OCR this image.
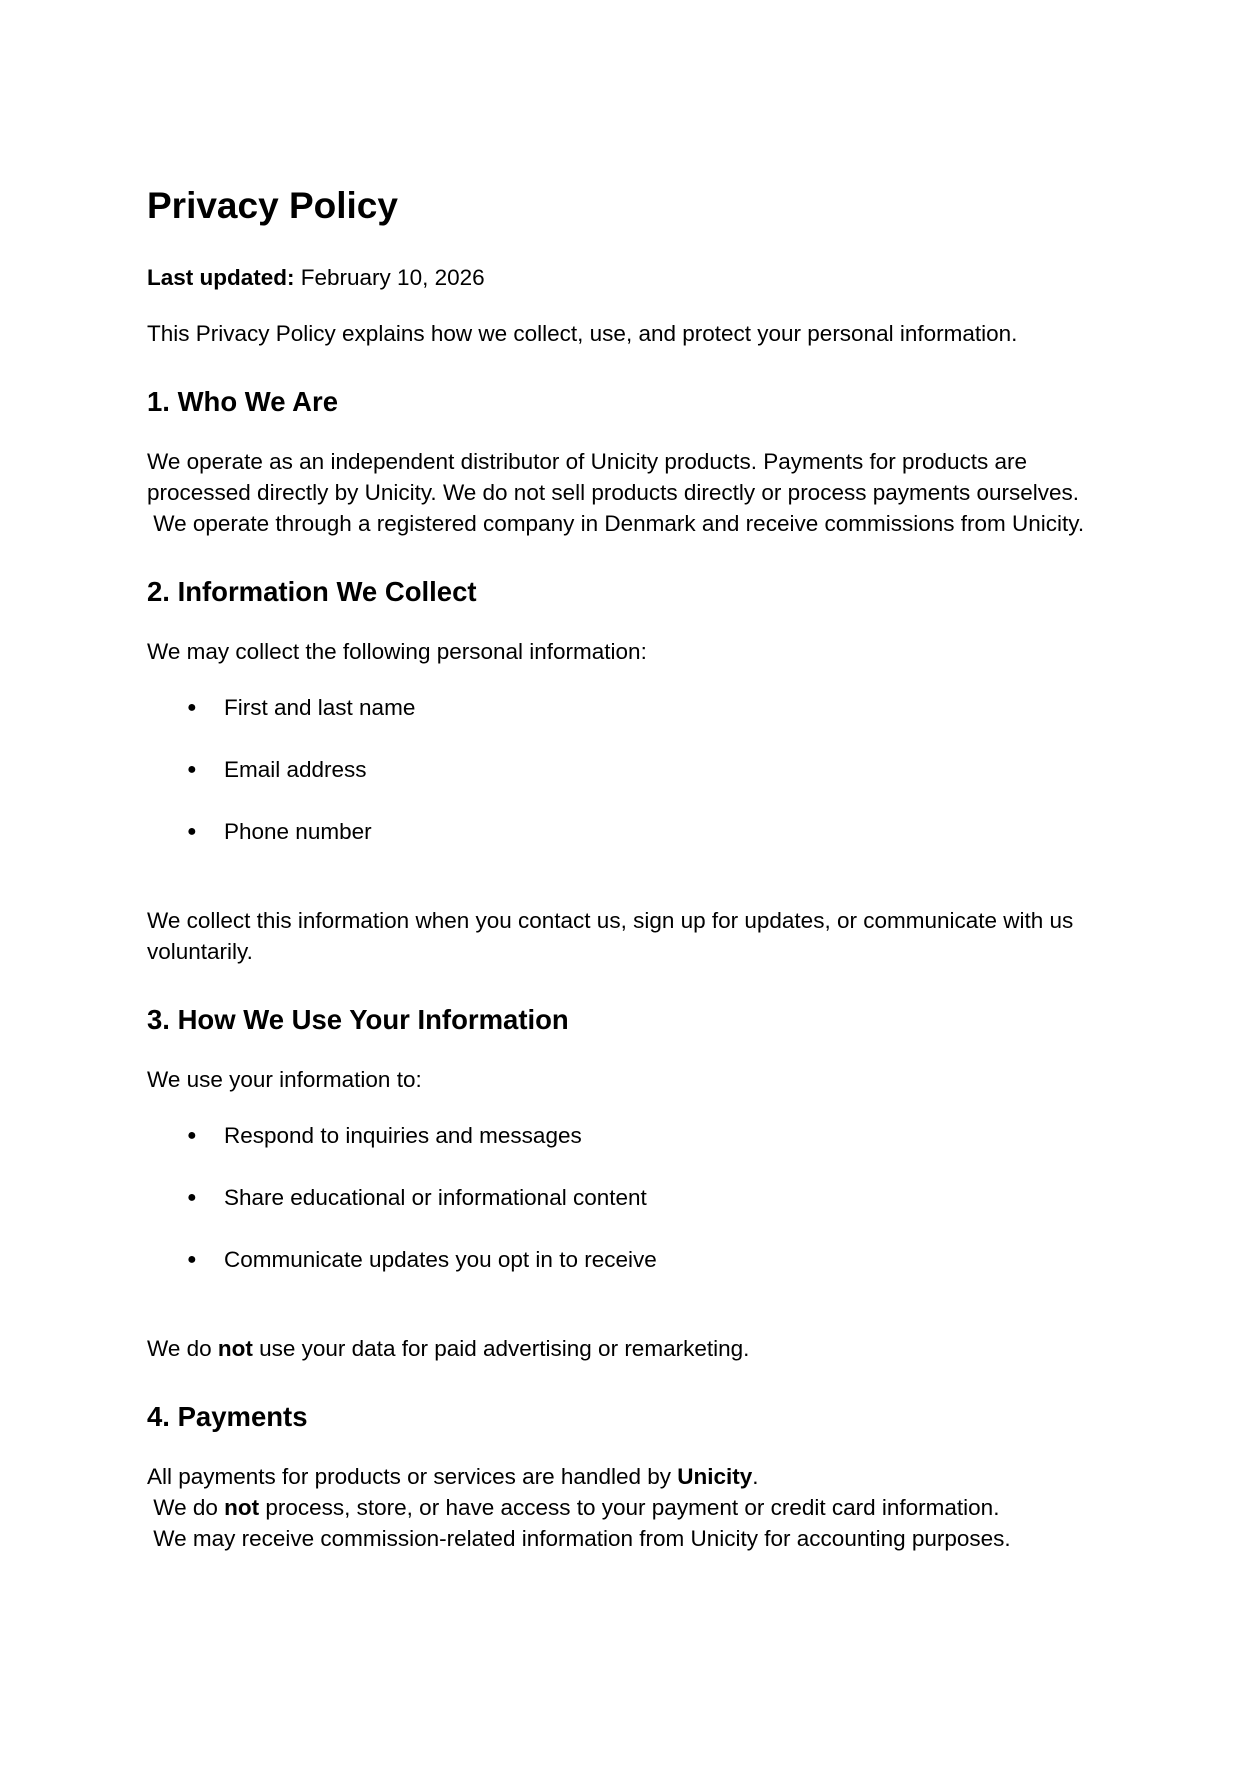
Privacy Policy

Last updated: February 10, 2026

This Privacy Policy explains how we collect, use, and protect your personal information.

1. Who We Are

We operate as an independent distributor of Unicity products. Payments for products are processed directly by Unicity. We do not sell products directly or process payments ourselves.
We operate through a registered company in Denmark and receive commissions from Unicity.

2. Information We Collect

We may collect the following personal information:

● First and last name
● Email address
● Phone number

We collect this information when you contact us, sign up for updates, or communicate with us voluntarily.

3. How We Use Your Information

We use your information to:

● Respond to inquiries and messages
● Share educational or informational content
● Communicate updates you opt in to receive

We do not use your data for paid advertising or remarketing.

4. Payments

All payments for products or services are handled by Unicity.
We do not process, store, or have access to your payment or credit card information.
We may receive commission-related information from Unicity for accounting purposes.
